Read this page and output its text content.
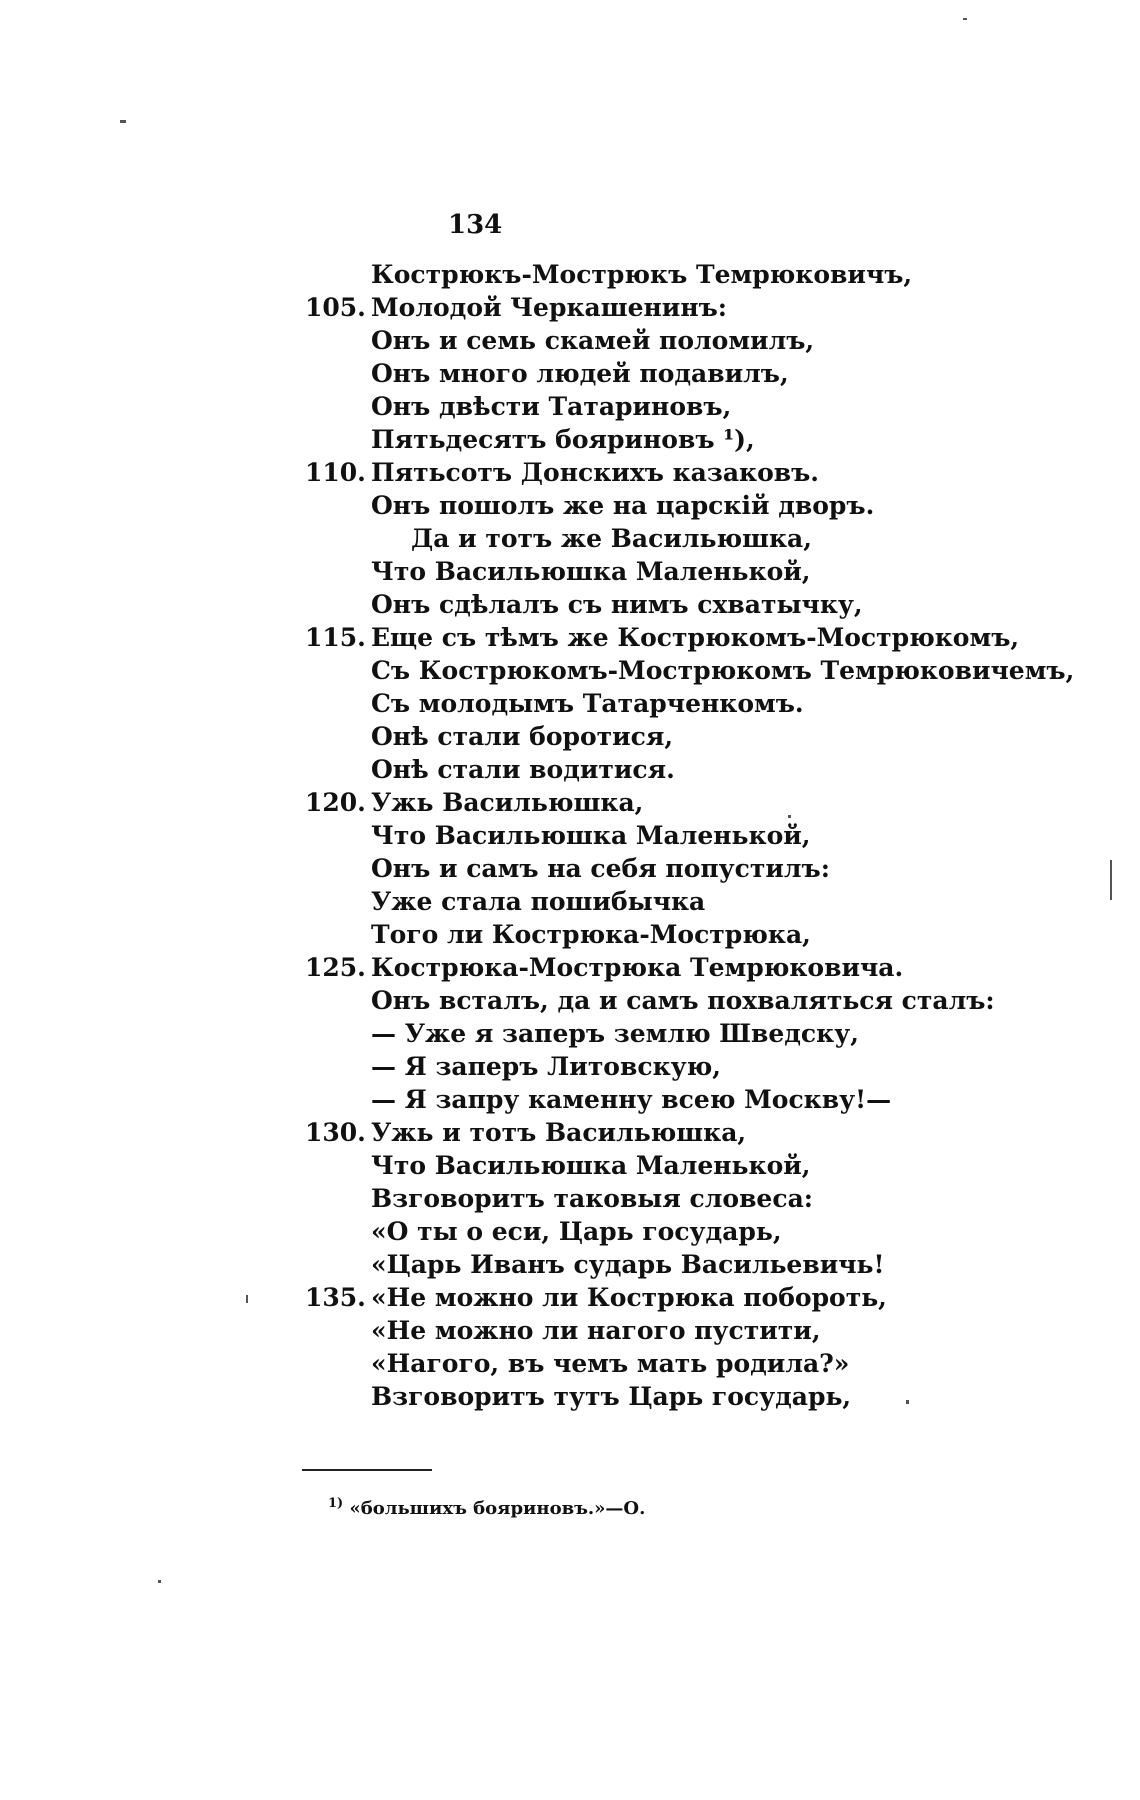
134
Кострюкъ-Мострюкъ Темрюковичъ,
105. Молодой Черкашенинъ:
Онъ и семь скамей поломилъ,
Онъ много людей подавилъ,
Онъ двѣсти Татариновъ,
Пятьдесятъ бояриновъ ¹),
110. Пятьсотъ Донскихъ казаковъ.
Онъ пошолъ же на царскій дворъ.
Да и тотъ же Васильюшка,
Что Васильюшка Маленькой,
Онъ сдѣлалъ съ нимъ схватычку,
115. Еще съ тѣмъ же Кострюкомъ-Мострюкомъ,
Съ Кострюкомъ-Мострюкомъ Темрюковичемъ,
Съ молодымъ Татарченкомъ.
Онѣ стали боротися,
Онѣ стали водитися.
120. Ужь Васильюшка,
Что Васильюшка Маленькой,
Онъ и самъ на себя попустилъ:
Уже стала пошибычка
Того ли Кострюка-Мострюка,
125. Кострюка-Мострюка Темрюковича.
Онъ всталъ, да и самъ похваляться сталъ:
— Уже я заперъ землю Шведску,
— Я заперъ Литовскую,
— Я запру каменну всею Москву!—
130. Ужь и тотъ Васильюшка,
Что Васильюшка Маленькой,
Взговоритъ таковыя словеса:
«О ты о еси, Царь государь,
«Царь Иванъ сударь Васильевичь!
135. «Не можно ли Кострюка побороть,
«Не можно ли нагого пустити,
«Нагого, въ чемъ мать родила?»
Взговоритъ тутъ Царь государь,
$^{1)}$ «большихъ бояриновъ.»—О.
